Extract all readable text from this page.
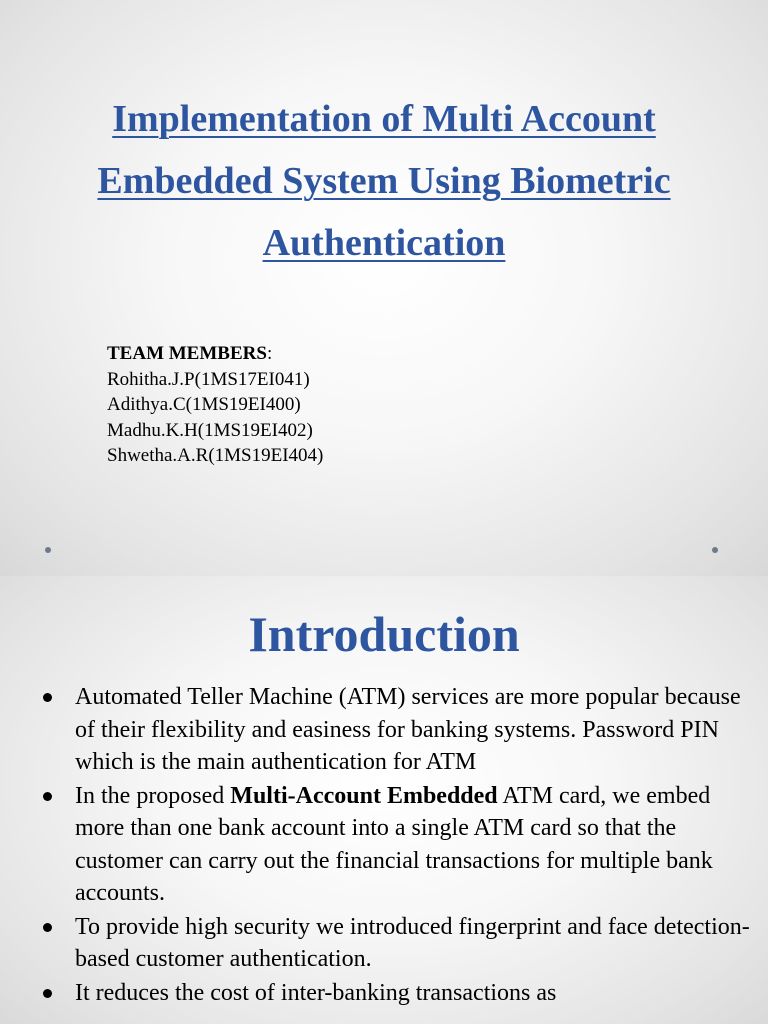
Implementation of Multi Account
Embedded System Using Biometric
Authentication
TEAM MEMBERS:
Rohitha.J.P(1MS17EI041)
Adithya.C(1MS19EI400)
Madhu.K.H(1MS19EI402)
Shwetha.A.R(1MS19EI404)
Introduction
Automated Teller Machine (ATM) services are more popular because of their flexibility and easiness for banking systems. Password PIN which is the main authentication for ATM
In the proposed Multi-Account Embedded ATM card, we embed more than one bank account into a single ATM card so that the customer can carry out the financial transactions for multiple bank accounts.
To provide high security we introduced fingerprint and face detection-based customer authentication.
It reduces the cost of inter-banking transactions as
